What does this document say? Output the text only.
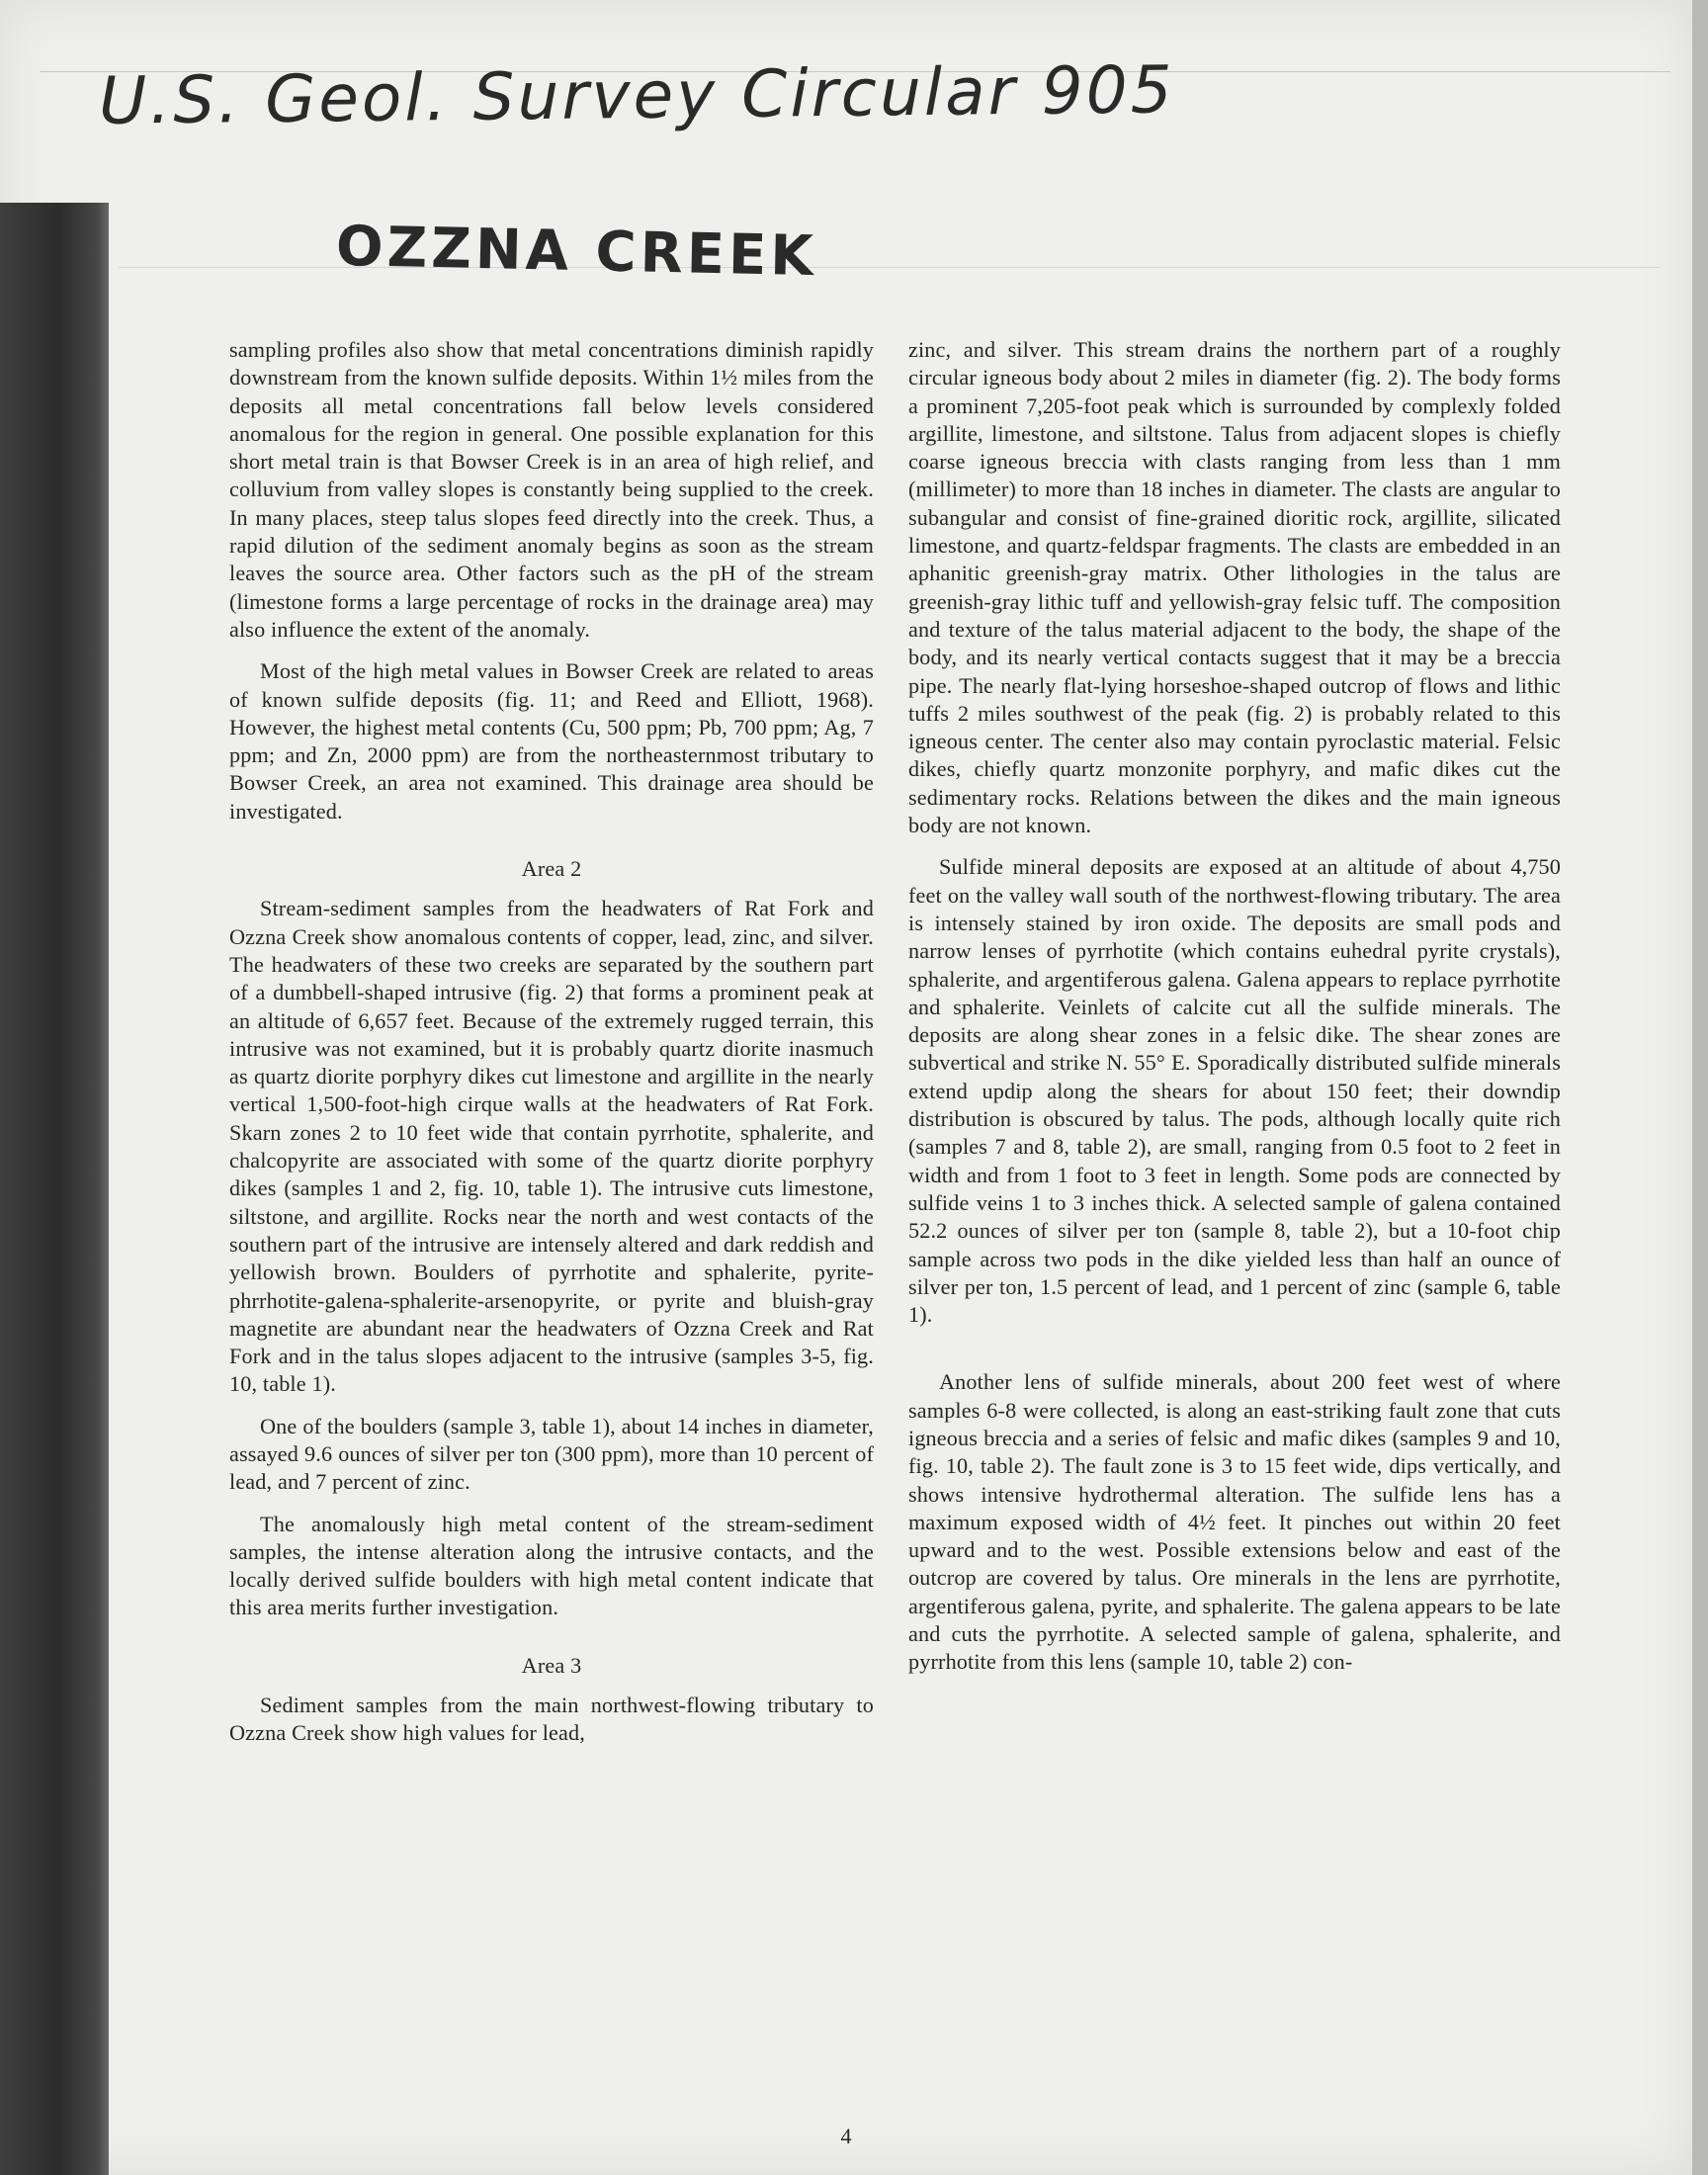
U.S. Geol. Survey Circular 905
OZZNA CREEK

sampling profiles also show that metal concentrations diminish rapidly downstream from the known sulfide deposits. Within 1½ miles from the deposits all metal concentrations fall below levels considered anomalous for the region in general. One possible explanation for this short metal train is that Bowser Creek is in an area of high relief, and colluvium from valley slopes is constantly being supplied to the creek. In many places, steep talus slopes feed directly into the creek. Thus, a rapid dilution of the sediment anomaly begins as soon as the stream leaves the source area. Other factors such as the pH of the stream (limestone forms a large percentage of rocks in the drainage area) may also influence the extent of the anomaly.

Most of the high metal values in Bowser Creek are related to areas of known sulfide deposits (fig. 11; and Reed and Elliott, 1968). However, the highest metal contents (Cu, 500 ppm; Pb, 700 ppm; Ag, 7 ppm; and Zn, 2000 ppm) are from the northeasternmost tributary to Bowser Creek, an area not examined. This drainage area should be investigated.

Area 2

Stream-sediment samples from the headwaters of Rat Fork and Ozzna Creek show anomalous contents of copper, lead, zinc, and silver. The headwaters of these two creeks are separated by the southern part of a dumbbell-shaped intrusive (fig. 2) that forms a prominent peak at an altitude of 6,657 feet. Because of the extremely rugged terrain, this intrusive was not examined, but it is probably quartz diorite inasmuch as quartz diorite porphyry dikes cut limestone and argillite in the nearly vertical 1,500-foot-high cirque walls at the headwaters of Rat Fork. Skarn zones 2 to 10 feet wide that contain pyrrhotite, sphalerite, and chalcopyrite are associated with some of the quartz diorite porphyry dikes (samples 1 and 2, fig. 10, table 1). The intrusive cuts limestone, siltstone, and argillite. Rocks near the north and west contacts of the southern part of the intrusive are intensely altered and dark reddish and yellowish brown. Boulders of pyrrhotite and sphalerite, pyrite-phrrhotite-galena-sphalerite-arsenopyrite, or pyrite and bluish-gray magnetite are abundant near the headwaters of Ozzna Creek and Rat Fork and in the talus slopes adjacent to the intrusive (samples 3-5, fig. 10, table 1).

One of the boulders (sample 3, table 1), about 14 inches in diameter, assayed 9.6 ounces of silver per ton (300 ppm), more than 10 percent of lead, and 7 percent of zinc.

The anomalously high metal content of the stream-sediment samples, the intense alteration along the intrusive contacts, and the locally derived sulfide boulders with high metal content indicate that this area merits further investigation.

Area 3

Sediment samples from the main northwest-flowing tributary to Ozzna Creek show high values for lead,

zinc, and silver. This stream drains the northern part of a roughly circular igneous body about 2 miles in diameter (fig. 2). The body forms a prominent 7,205-foot peak which is surrounded by complexly folded argillite, limestone, and siltstone. Talus from adjacent slopes is chiefly coarse igneous breccia with clasts ranging from less than 1 mm (millimeter) to more than 18 inches in diameter. The clasts are angular to subangular and consist of fine-grained dioritic rock, argillite, silicated limestone, and quartz-feldspar fragments. The clasts are embedded in an aphanitic greenish-gray matrix. Other lithologies in the talus are greenish-gray lithic tuff and yellowish-gray felsic tuff. The composition and texture of the talus material adjacent to the body, the shape of the body, and its nearly vertical contacts suggest that it may be a breccia pipe. The nearly flat-lying horseshoe-shaped outcrop of flows and lithic tuffs 2 miles southwest of the peak (fig. 2) is probably related to this igneous center. The center also may contain pyroclastic material. Felsic dikes, chiefly quartz monzonite porphyry, and mafic dikes cut the sedimentary rocks. Relations between the dikes and the main igneous body are not known.

Sulfide mineral deposits are exposed at an altitude of about 4,750 feet on the valley wall south of the northwest-flowing tributary. The area is intensely stained by iron oxide. The deposits are small pods and narrow lenses of pyrrhotite (which contains euhedral pyrite crystals), sphalerite, and argentiferous galena. Galena appears to replace pyrrhotite and sphalerite. Veinlets of calcite cut all the sulfide minerals. The deposits are along shear zones in a felsic dike. The shear zones are subvertical and strike N. 55° E. Sporadically distributed sulfide minerals extend updip along the shears for about 150 feet; their downdip distribution is obscured by talus. The pods, although locally quite rich (samples 7 and 8, table 2), are small, ranging from 0.5 foot to 2 feet in width and from 1 foot to 3 feet in length. Some pods are connected by sulfide veins 1 to 3 inches thick. A selected sample of galena contained 52.2 ounces of silver per ton (sample 8, table 2), but a 10-foot chip sample across two pods in the dike yielded less than half an ounce of silver per ton, 1.5 percent of lead, and 1 percent of zinc (sample 6, table 1).

Another lens of sulfide minerals, about 200 feet west of where samples 6-8 were collected, is along an east-striking fault zone that cuts igneous breccia and a series of felsic and mafic dikes (samples 9 and 10, fig. 10, table 2). The fault zone is 3 to 15 feet wide, dips vertically, and shows intensive hydrothermal alteration. The sulfide lens has a maximum exposed width of 4½ feet. It pinches out within 20 feet upward and to the west. Possible extensions below and east of the outcrop are covered by talus. Ore minerals in the lens are pyrrhotite, argentiferous galena, pyrite, and sphalerite. The galena appears to be late and cuts the pyrrhotite. A selected sample of galena, sphalerite, and pyrrhotite from this lens (sample 10, table 2) con-

4
